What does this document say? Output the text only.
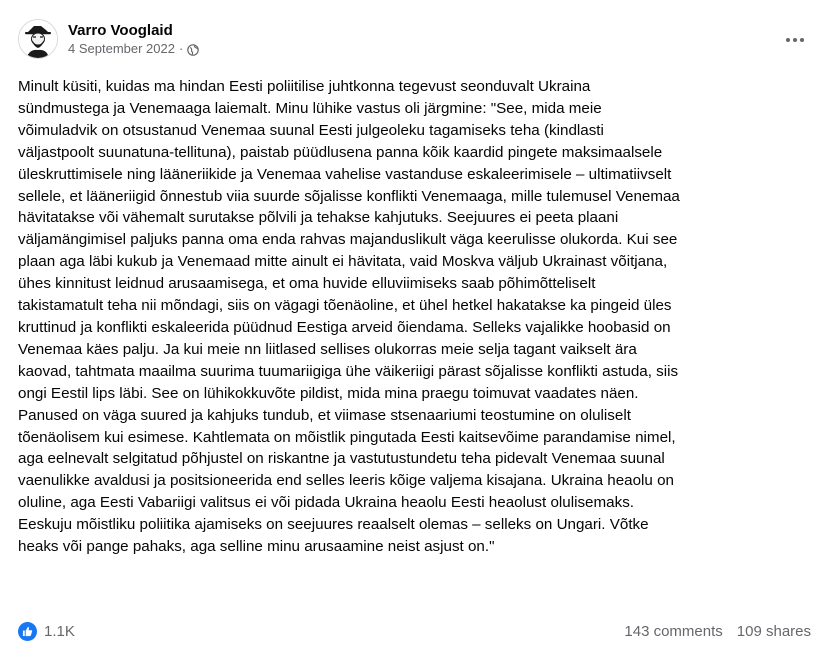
Varro Vooglaid
4 September 2022 ·
Minult küsiti, kuidas ma hindan Eesti poliitilise juhtkonna tegevust seonduvalt Ukraina
sündmustega ja Venemaaga laiemalt. Minu lühike vastus oli järgmine: "See, mida meie
võimuladvik on otsustanud Venemaa suunal Eesti julgeoleku tagamiseks teha (kindlasti
väljastpoolt suunatuna-tellituna), paistab püüdlusena panna kõik kaardid pingete maksimaalsele
üleskruttimisele ning lääneriikide ja Venemaa vahelise vastanduse eskaleerimisele – ultimatiivselt
sellele, et lääneriigid õnnestub viia suurde sõjalisse konflikti Venemaaga, mille tulemusel Venemaa
hävitatakse või vähemalt surutakse põlvili ja tehakse kahjutuks. Seejuures ei peeta plaani
väljamängimisel paljuks panna oma enda rahvas majanduslikult väga keerulisse olukorda. Kui see
plaan aga läbi kukub ja Venemaad mitte ainult ei hävitata, vaid Moskva väljub Ukrainast võitjana,
ühes kinnitust leidnud arusaamisega, et oma huvide elluviimiseks saab põhimõtteliselt
takistamatult teha nii mõndagi, siis on vägagi tõenäoline, et ühel hetkel hakatakse ka pingeid üles
kruttinud ja konflikti eskaleerida püüdnud Eestiga arveid õiendama. Selleks vajalikke hoobasid on
Venemaa käes palju. Ja kui meie nn liitlased sellises olukorras meie selja tagant vaikselt ära
kaovad, tahtmata maailma suurima tuumariigiga ühe väikeriigi pärast sõjalisse konflikti astuda, siis
ongi Eestil lips läbi. See on lühikokkuvõte pildist, mida mina praegu toimuvat vaadates näen.
Panused on väga suured ja kahjuks tundub, et viimase stsenaariumi teostumine on oluliselt
tõenäolisem kui esimese. Kahtlemata on mõistlik pingutada Eesti kaitsevõime parandamise nimel,
aga eelnevalt selgitatud põhjustel on riskantne ja vastutustundetu teha pidevalt Venemaa suunal
vaenulikke avaldusi ja positsioneerida end selles leeris kõige valjema kisajana. Ukraina heaolu on
oluline, aga Eesti Vabariigi valitsus ei või pidada Ukraina heaolu Eesti heaolust olulisemaks.
Eeskuju mõistliku poliitika ajamiseks on seejuures reaalselt olemas – selleks on Ungari. Võtke
heaks või pange pahaks, aga selline minu arusaamine neist asjust on."
1.1K	143 comments 109 shares
